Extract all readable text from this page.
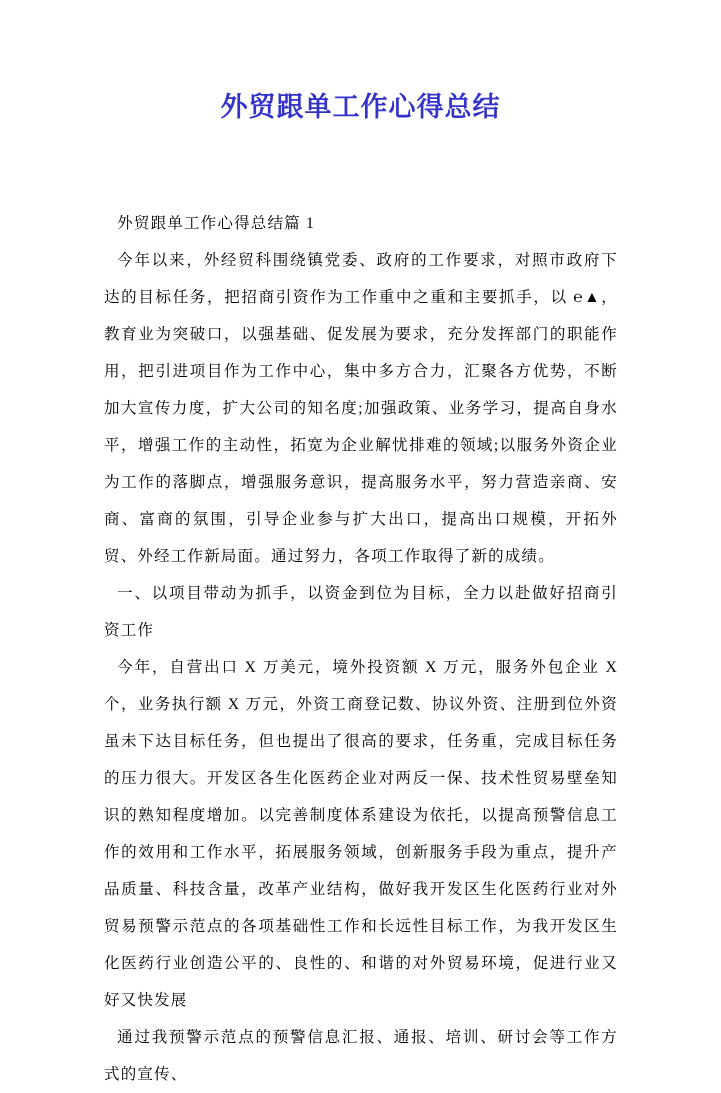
外贸跟单工作心得总结

外贸跟单工作心得总结篇 1

今年以来，外经贸科围绕镇党委、政府的工作要求，对照市政府下达的目标任务，把招商引资作为工作重中之重和主要抓手，以 ℮▲，教育业为突破口，以强基础、促发展为要求，充分发挥部门的职能作用，把引进项目作为工作中心，集中多方合力，汇聚各方优势，不断加大宣传力度，扩大公司的知名度;加强政策、业务学习，提高自身水平，增强工作的主动性，拓宽为企业解忧排难的领域;以服务外资企业为工作的落脚点，增强服务意识，提高服务水平，努力营造亲商、安商、富商的氛围，引导企业参与扩大出口，提高出口规模，开拓外贸、外经工作新局面。通过努力，各项工作取得了新的成绩。

一、以项目带动为抓手，以资金到位为目标，全力以赴做好招商引资工作

今年，自营出口 X 万美元，境外投资额 X 万元，服务外包企业 X 个，业务执行额 X 万元，外资工商登记数、协议外资、注册到位外资虽未下达目标任务，但也提出了很高的要求，任务重，完成目标任务的压力很大。开发区各生化医药企业对两反一保、技术性贸易壁垒知识的熟知程度增加。以完善制度体系建设为依托，以提高预警信息工作的效用和工作水平，拓展服务领域，创新服务手段为重点，提升产品质量、科技含量，改革产业结构，做好我开发区生化医药行业对外贸易预警示范点的各项基础性工作和长远性目标工作，为我开发区生化医药行业创造公平的、良性的、和谐的对外贸易环境，促进行业又好又快发展

通过我预警示范点的预警信息汇报、通报、培训、研讨会等工作方式的宣传、
